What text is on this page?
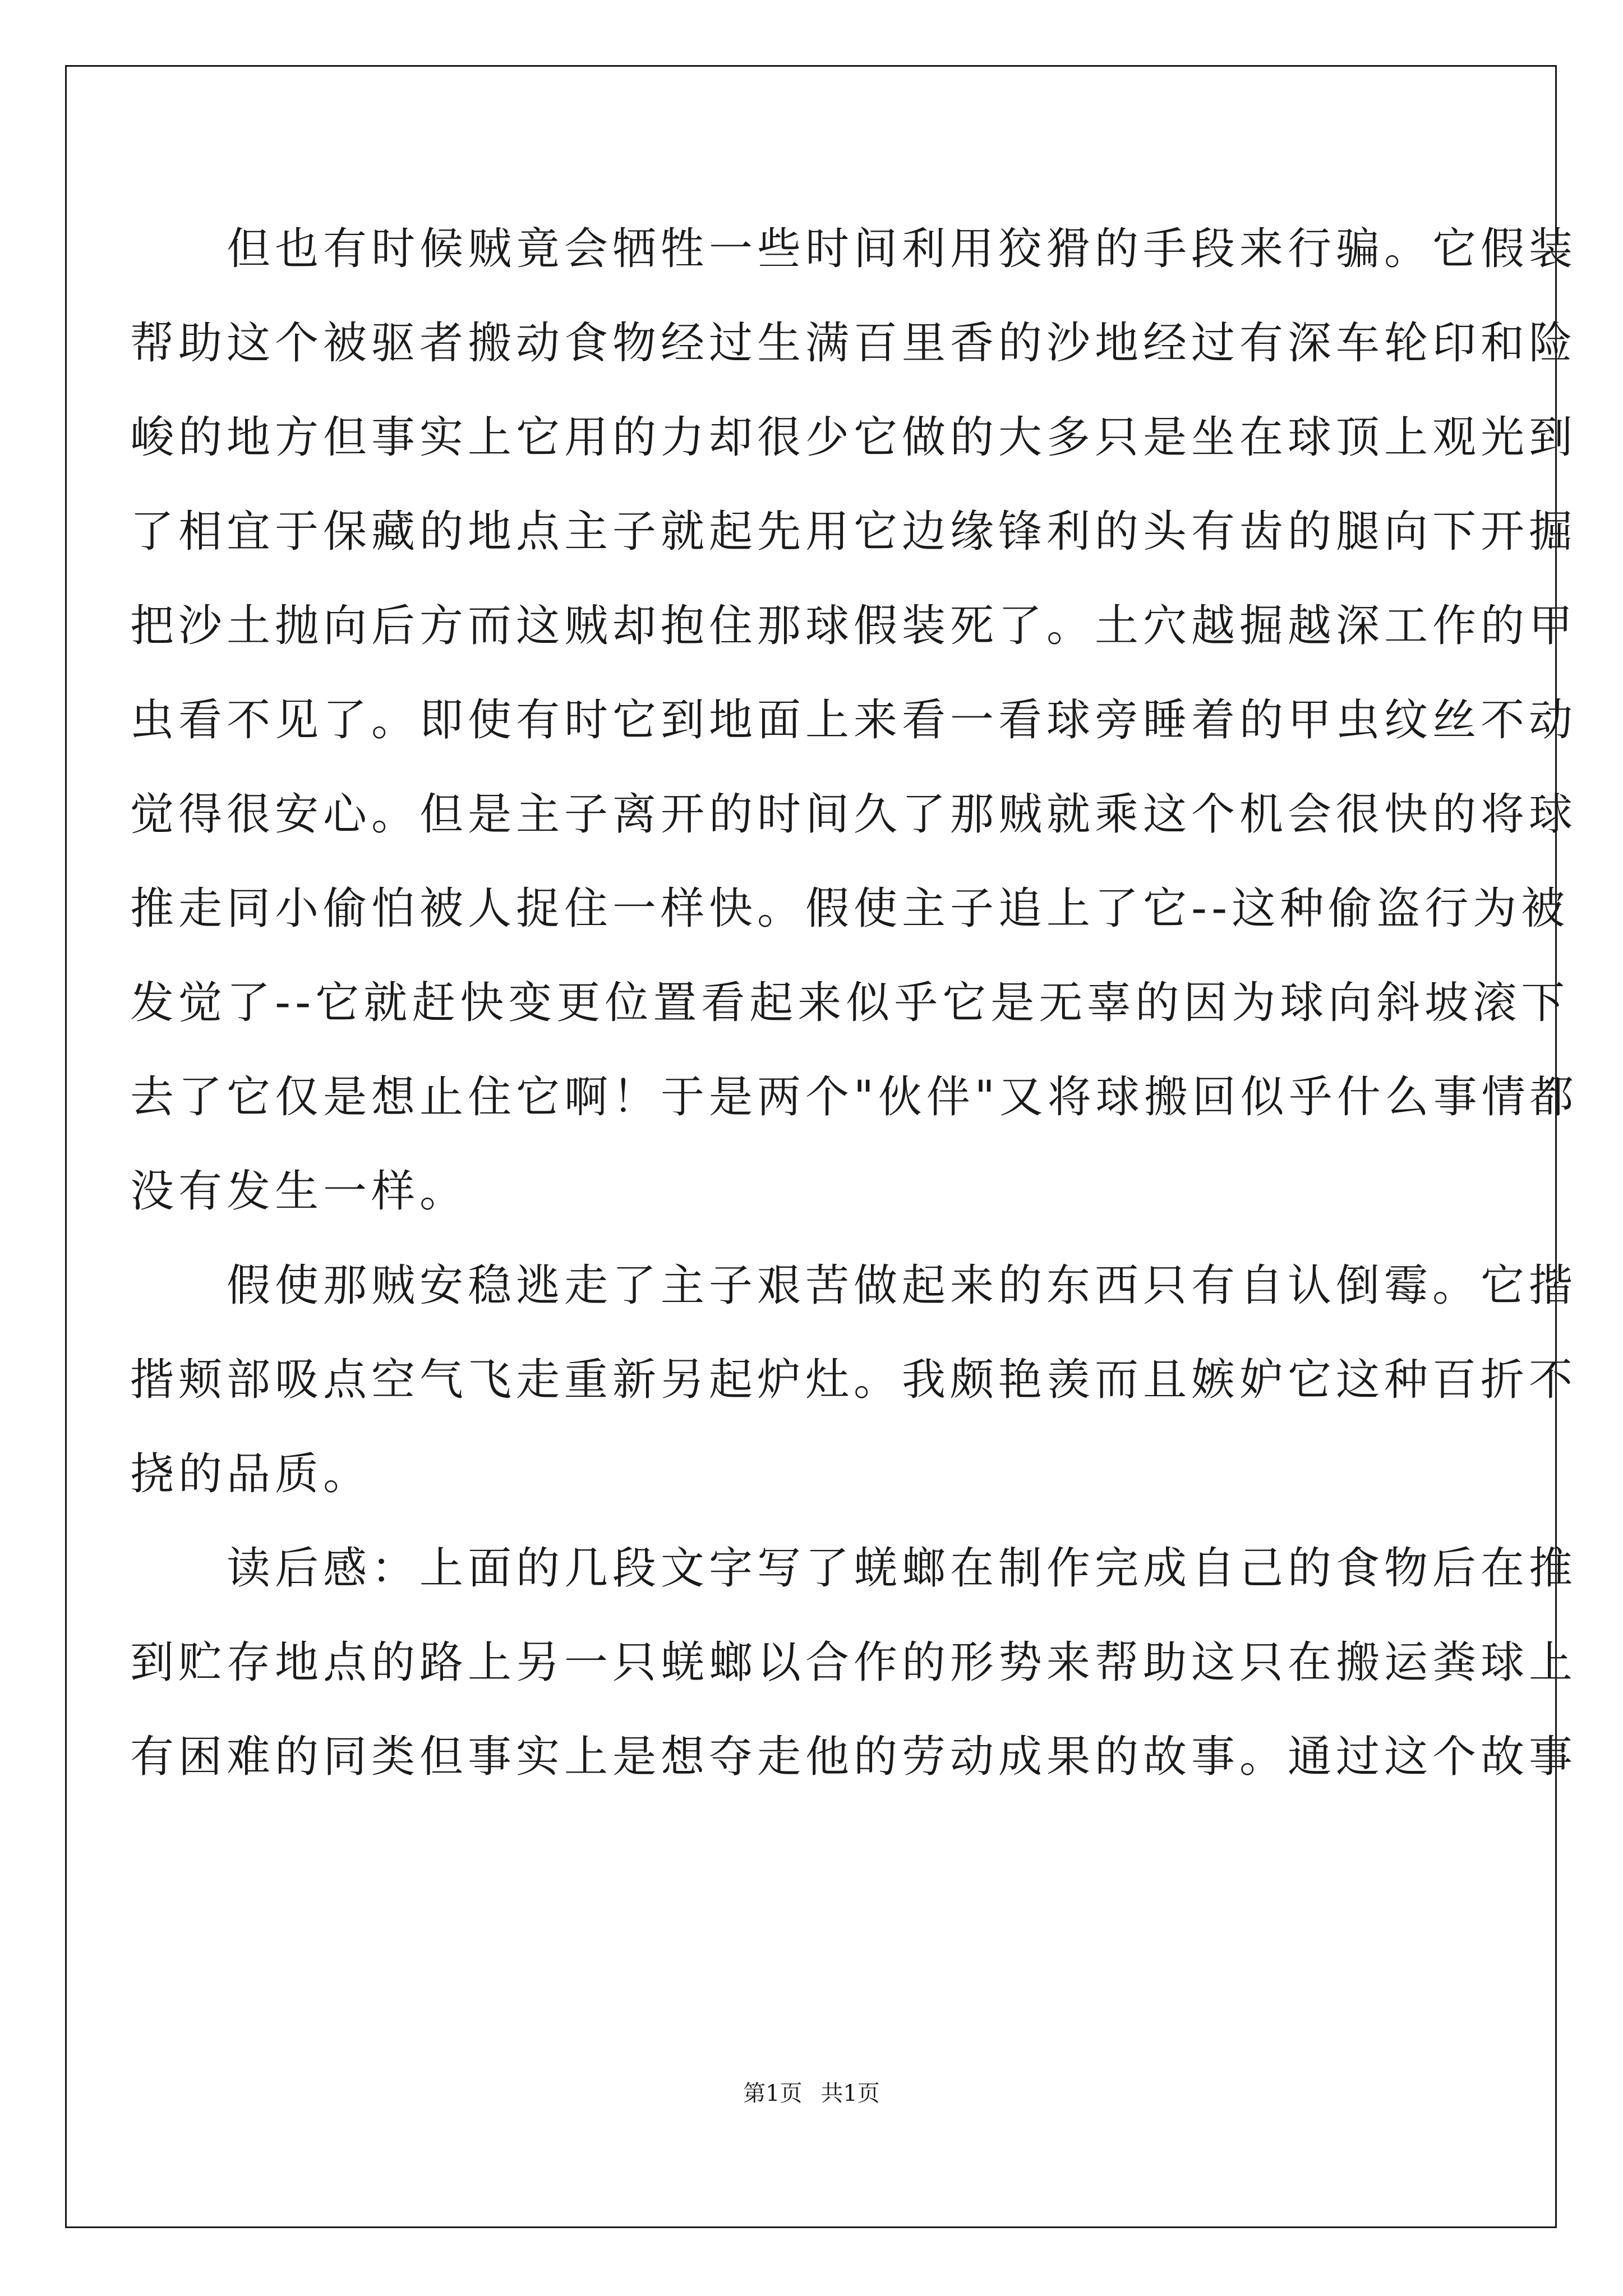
　　但也有时候贼竟会牺牲一些时间利用狡猾的手段来行骗。它假装
帮助这个被驱者搬动食物经过生满百里香的沙地经过有深车轮印和险
峻的地方但事实上它用的力却很少它做的大多只是坐在球顶上观光到
了相宜于保藏的地点主子就起先用它边缘锋利的头有齿的腿向下开掘
把沙土抛向后方而这贼却抱住那球假装死了。土穴越掘越深工作的甲
虫看不见了。即使有时它到地面上来看一看球旁睡着的甲虫纹丝不动
觉得很安心。但是主子离开的时间久了那贼就乘这个机会很快的将球
推走同小偷怕被人捉住一样快。假使主子追上了它--这种偷盗行为被
发觉了--它就赶快变更位置看起来似乎它是无辜的因为球向斜坡滚下
去了它仅是想止住它啊！于是两个"伙伴"又将球搬回似乎什么事情都
没有发生一样。

　　假使那贼安稳逃走了主子艰苦做起来的东西只有自认倒霉。它揩
揩颊部吸点空气飞走重新另起炉灶。我颇艳羡而且嫉妒它这种百折不
挠的品质。

　　读后感：上面的几段文字写了蜣螂在制作完成自己的食物后在推
到贮存地点的路上另一只蜣螂以合作的形势来帮助这只在搬运粪球上
有困难的同类但事实上是想夺走他的劳动成果的故事。通过这个故事

第1页 共1页
